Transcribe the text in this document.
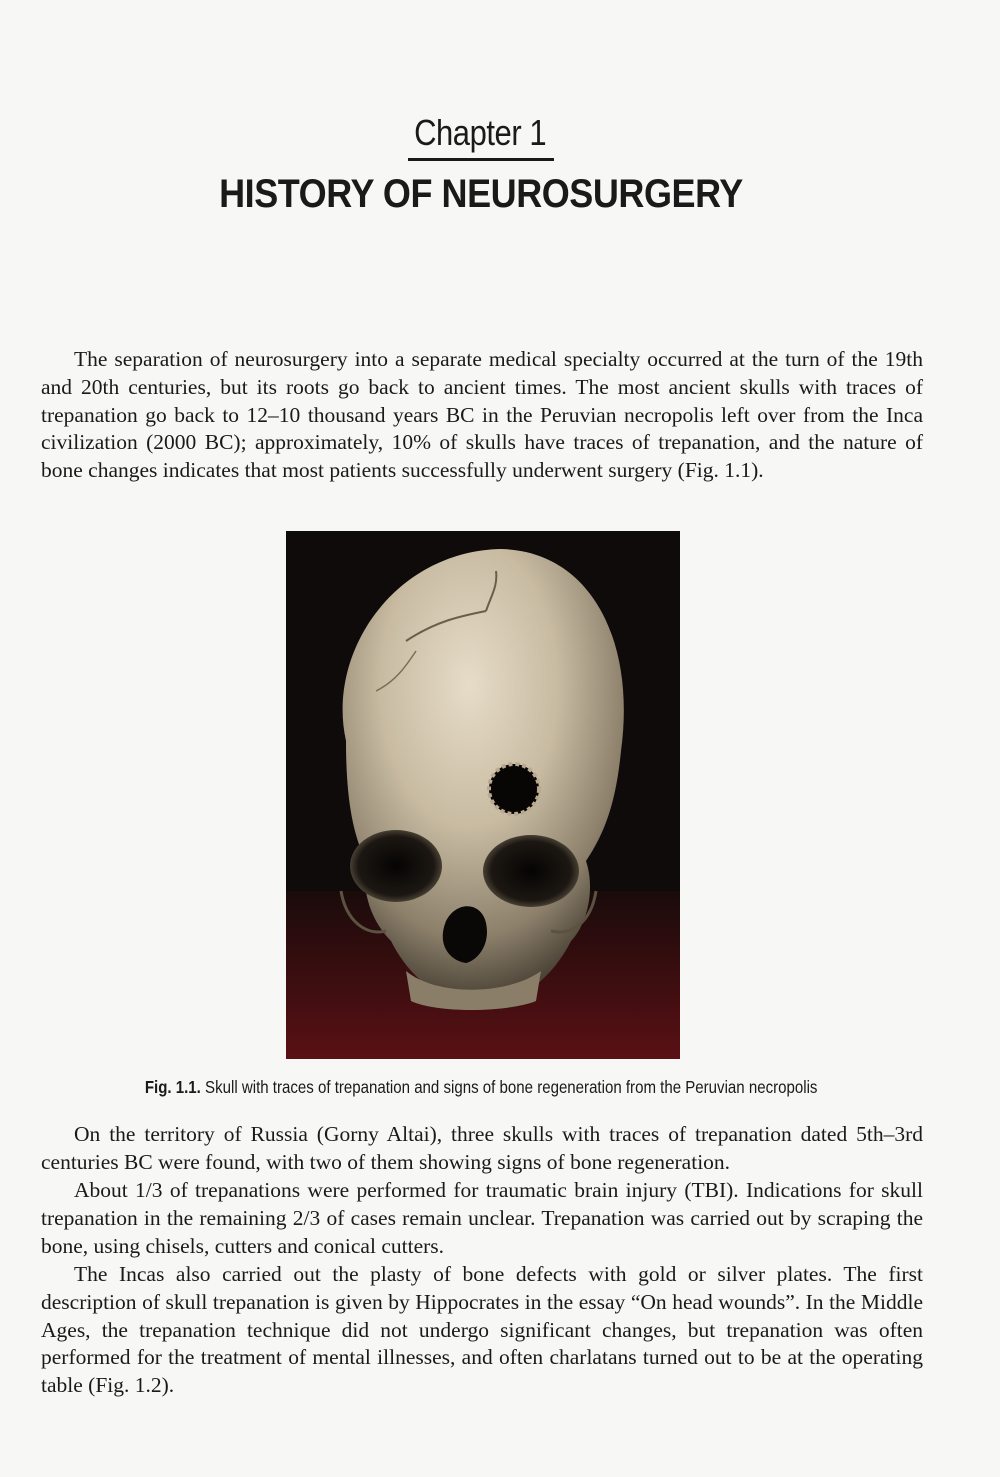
Chapter 1
HISTORY OF NEUROSURGERY

The separation of neurosurgery into a separate medical specialty occurred at the turn of the 19th and 20th centuries, but its roots go back to ancient times. The most ancient skulls with traces of trepanation go back to 12–10 thousand years BC in the Peruvian necropolis left over from the Inca civilization (2000 BC); approximately, 10% of skulls have traces of trepanation, and the nature of bone changes indicates that most patients successfully underwent surgery (Fig. 1.1).

Fig. 1.1. Skull with traces of trepanation and signs of bone regeneration from the Peruvian necropolis

On the territory of Russia (Gorny Altai), three skulls with traces of trepanation dated 5th–3rd centuries BC were found, with two of them showing signs of bone regeneration.

About 1/3 of trepanations were performed for traumatic brain injury (TBI). Indications for skull trepanation in the remaining 2/3 of cases remain unclear. Trepanation was carried out by scraping the bone, using chisels, cutters and conical cutters.

The Incas also carried out the plasty of bone defects with gold or silver plates. The first description of skull trepanation is given by Hippocrates in the essay “On head wounds”. In the Middle Ages, the trepanation technique did not undergo significant changes, but trepanation was often performed for the treatment of mental illnesses, and often charlatans turned out to be at the operating table (Fig. 1.2).
